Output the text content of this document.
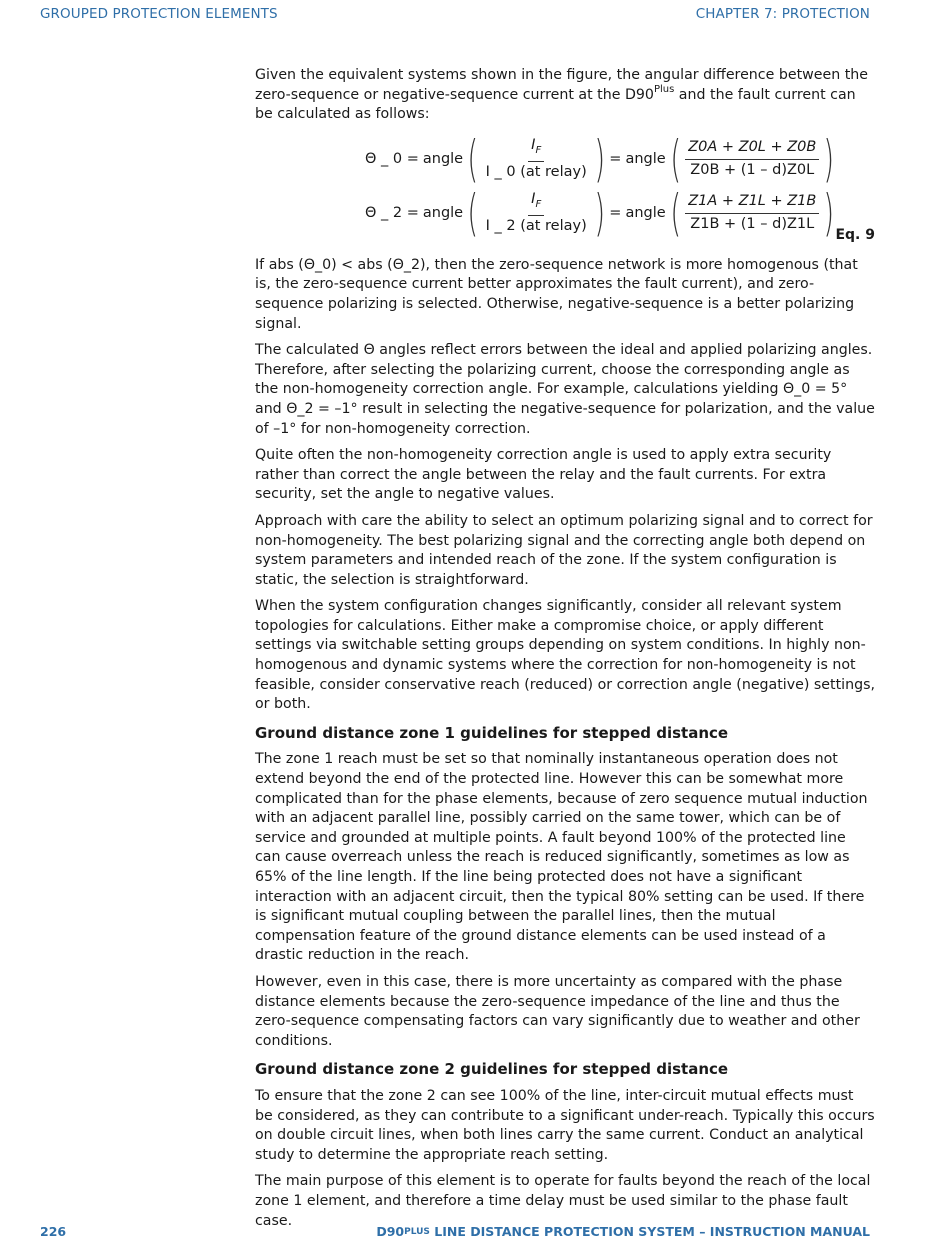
GROUPED PROTECTION ELEMENTS	CHAPTER 7: PROTECTION

Given the equivalent systems shown in the figure, the angular difference between the zero-sequence or negative-sequence current at the $D90^{Plus}$ and the fault current can be calculated as follows:

Θ _ 0 = angle ( $\frac{I_F}{\text{I \_ 0 (at relay)}}$ ) = angle ( $\frac{Z0A + Z0L + Z0B}{Z0B + (1 - d)Z0L}$ )
Θ _ 2 = angle ( $\frac{I_F}{\text{I \_ 2 (at relay)}}$ ) = angle ( $\frac{Z1A + Z1L + Z1B}{Z1B + (1 - d)Z1L}$ ) Eq. 9

If abs (Θ_0) < abs (Θ_2), then the zero-sequence network is more homogenous (that is, the zero-sequence current better approximates the fault current), and zero-sequence polarizing is selected. Otherwise, negative-sequence is a better polarizing signal.

The calculated Θ angles reflect errors between the ideal and applied polarizing angles. Therefore, after selecting the polarizing current, choose the corresponding angle as the non-homogeneity correction angle. For example, calculations yielding Θ_0 = 5° and Θ_2 = –1° result in selecting the negative-sequence for polarization, and the value of –1° for non-homogeneity correction.

Quite often the non-homogeneity correction angle is used to apply extra security rather than correct the angle between the relay and the fault currents. For extra security, set the angle to negative values.

Approach with care the ability to select an optimum polarizing signal and to correct for non-homogeneity. The best polarizing signal and the correcting angle both depend on system parameters and intended reach of the zone. If the system configuration is static, the selection is straightforward.

When the system configuration changes significantly, consider all relevant system topologies for calculations. Either make a compromise choice, or apply different settings via switchable setting groups depending on system conditions. In highly non-homogenous and dynamic systems where the correction for non-homogeneity is not feasible, consider conservative reach (reduced) or correction angle (negative) settings, or both.

Ground distance zone 1 guidelines for stepped distance

The zone 1 reach must be set so that nominally instantaneous operation does not extend beyond the end of the protected line. However this can be somewhat more complicated than for the phase elements, because of zero sequence mutual induction with an adjacent parallel line, possibly carried on the same tower, which can be of service and grounded at multiple points. A fault beyond 100% of the protected line can cause overreach unless the reach is reduced significantly, sometimes as low as 65% of the line length. If the line being protected does not have a significant interaction with an adjacent circuit, then the typical 80% setting can be used. If there is significant mutual coupling between the parallel lines, then the mutual compensation feature of the ground distance elements can be used instead of a drastic reduction in the reach.

However, even in this case, there is more uncertainty as compared with the phase distance elements because the zero-sequence impedance of the line and thus the zero-sequence compensating factors can vary significantly due to weather and other conditions.

Ground distance zone 2 guidelines for stepped distance

To ensure that the zone 2 can see 100% of the line, inter-circuit mutual effects must be considered, as they can contribute to a significant under-reach. Typically this occurs on double circuit lines, when both lines carry the same current. Conduct an analytical study to determine the appropriate reach setting.

The main purpose of this element is to operate for faults beyond the reach of the local zone 1 element, and therefore a time delay must be used similar to the phase fault case.

226	$D90^{PLUS}$ LINE DISTANCE PROTECTION SYSTEM – INSTRUCTION MANUAL
